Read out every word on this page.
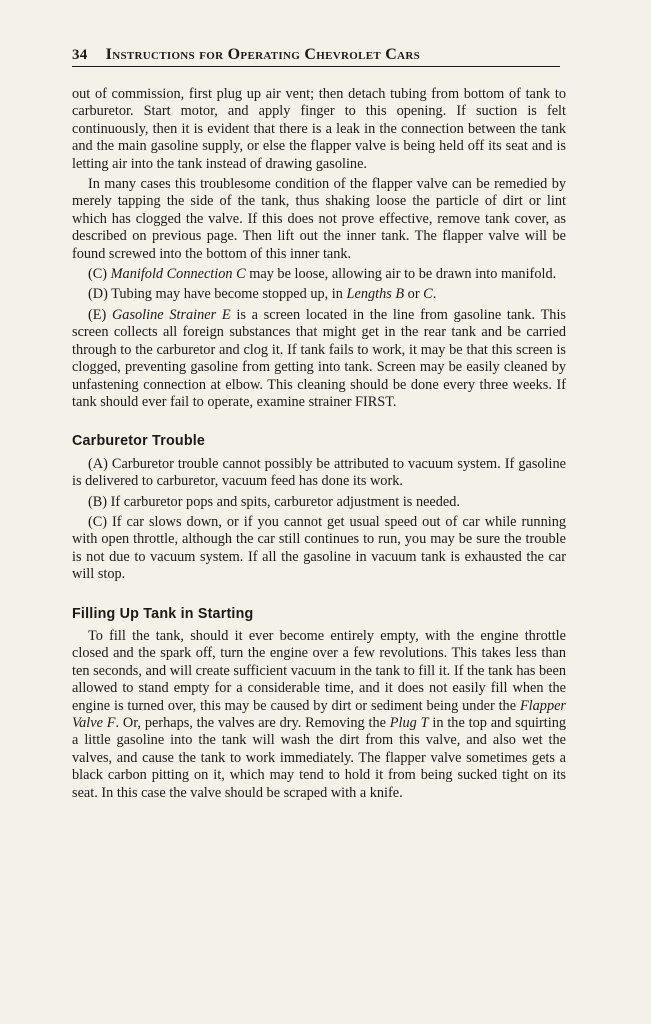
34 Instructions for Operating Chevrolet Cars

out of commission, first plug up air vent; then detach tubing from bottom of tank to carburetor. Start motor, and apply finger to this opening. If suction is felt continuously, then it is evident that there is a leak in the connection between the tank and the main gasoline supply, or else the flapper valve is being held off its seat and is letting air into the tank instead of drawing gasoline.

In many cases this troublesome condition of the flapper valve can be remedied by merely tapping the side of the tank, thus shaking loose the particle of dirt or lint which has clogged the valve. If this does not prove effective, remove tank cover, as described on previous page. Then lift out the inner tank. The flapper valve will be found screwed into the bottom of this inner tank.

(C) Manifold Connection C may be loose, allowing air to be drawn into manifold.

(D) Tubing may have become stopped up, in Lengths B or C.

(E) Gasoline Strainer E is a screen located in the line from gasoline tank. This screen collects all foreign substances that might get in the rear tank and be carried through to the carburetor and clog it. If tank fails to work, it may be that this screen is clogged, preventing gasoline from getting into tank. Screen may be easily cleaned by unfastening connection at elbow. This cleaning should be done every three weeks. If tank should ever fail to operate, examine strainer FIRST.

Carburetor Trouble

(A) Carburetor trouble cannot possibly be attributed to vacuum system. If gasoline is delivered to carburetor, vacuum feed has done its work.

(B) If carburetor pops and spits, carburetor adjustment is needed.

(C) If car slows down, or if you cannot get usual speed out of car while running with open throttle, although the car still continues to run, you may be sure the trouble is not due to vacuum system. If all the gasoline in vacuum tank is exhausted the car will stop.

Filling Up Tank in Starting

To fill the tank, should it ever become entirely empty, with the engine throttle closed and the spark off, turn the engine over a few revolutions. This takes less than ten seconds, and will create sufficient vacuum in the tank to fill it. If the tank has been allowed to stand empty for a considerable time, and it does not easily fill when the engine is turned over, this may be caused by dirt or sediment being under the Flapper Valve F. Or, perhaps, the valves are dry. Removing the Plug T in the top and squirting a little gasoline into the tank will wash the dirt from this valve, and also wet the valves, and cause the tank to work immediately. The flapper valve sometimes gets a black carbon pitting on it, which may tend to hold it from being sucked tight on its seat. In this case the valve should be scraped with a knife.
